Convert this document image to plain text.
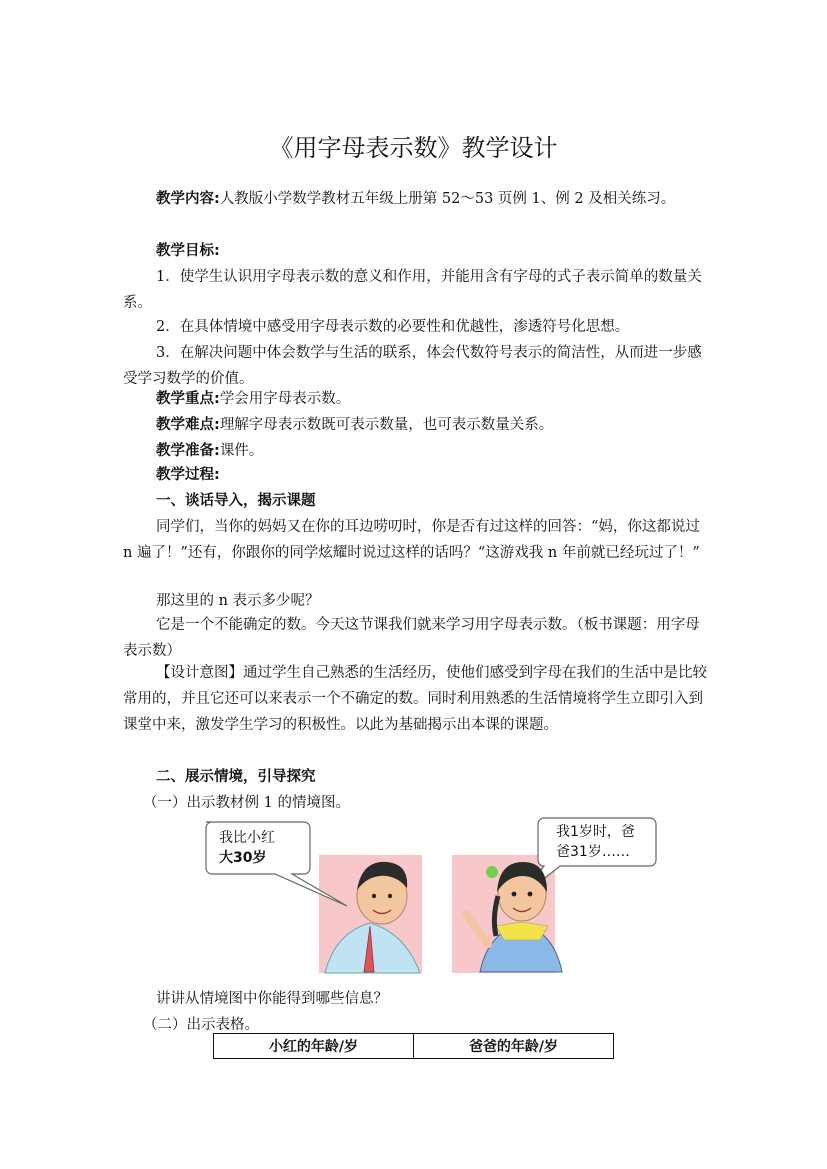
《用字母表示数》教学设计

教学内容:人教版小学数学教材五年级上册第 52～53 页例 1、例 2 及相关练习。

教学目标:

1．使学生认识用字母表示数的意义和作用，并能用含有字母的式子表示简单的数量关系。

2．在具体情境中感受用字母表示数的必要性和优越性，渗透符号化思想。

3．在解决问题中体会数学与生活的联系，体会代数符号表示的简洁性，从而进一步感受学习数学的价值。

教学重点:学会用字母表示数。

教学难点:理解字母表示数既可表示数量，也可表示数量关系。

教学准备:课件。

教学过程:

一、谈话导入，揭示课题

同学们，当你的妈妈又在你的耳边唠叨时，你是否有过这样的回答：“妈，你这都说过 n 遍了！”还有，你跟你的同学炫耀时说过这样的话吗？“这游戏我 n 年前就已经玩过了！”

那这里的 n 表示多少呢？

它是一个不能确定的数。今天这节课我们就来学习用字母表示数。（板书课题：用字母表示数）

【设计意图】通过学生自己熟悉的生活经历，使他们感受到字母在我们的生活中是比较常用的，并且它还可以来表示一个不确定的数。同时利用熟悉的生活情境将学生立即引入到课堂中来，激发学生学习的积极性。以此为基础揭示出本课的课题。

二、展示情境，引导探究

（一）出示教材例 1 的情境图。

我比小红
大30岁
我1岁时，爸
爸31岁……

讲讲从情境图中你能得到哪些信息？

（二）出示表格。

小红的年龄/岁	爸爸的年龄/岁
